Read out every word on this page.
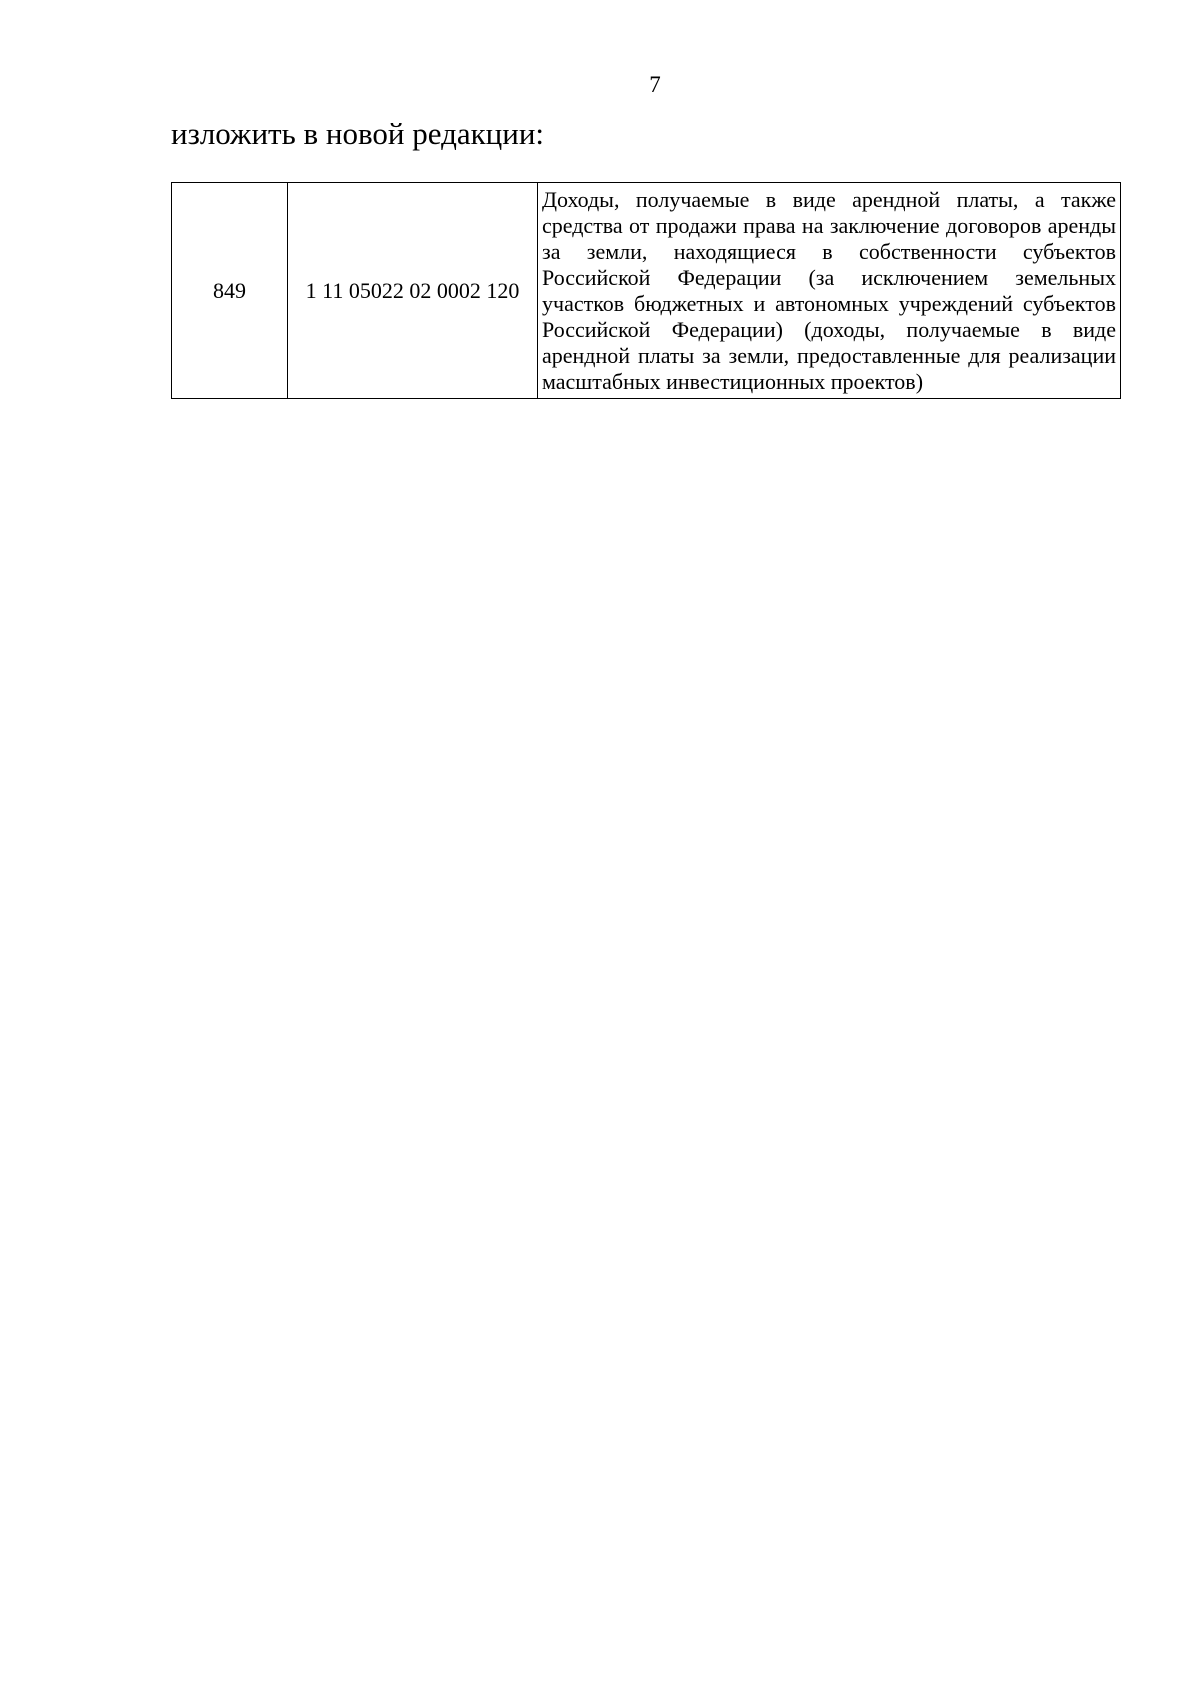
7
изложить в новой редакции:
849	1 11 05022 02 0002 120	Доходы, получаемые в виде арендной платы, а также средства от продажи права на заключение договоров аренды за земли, находящиеся в собственности субъектов Российской Федерации (за исключением земельных участков бюджетных и автономных учреждений субъектов Российской Федерации) (доходы, получаемые в виде арендной платы за земли, предоставленные для реализации масштабных инвестиционных проектов)
